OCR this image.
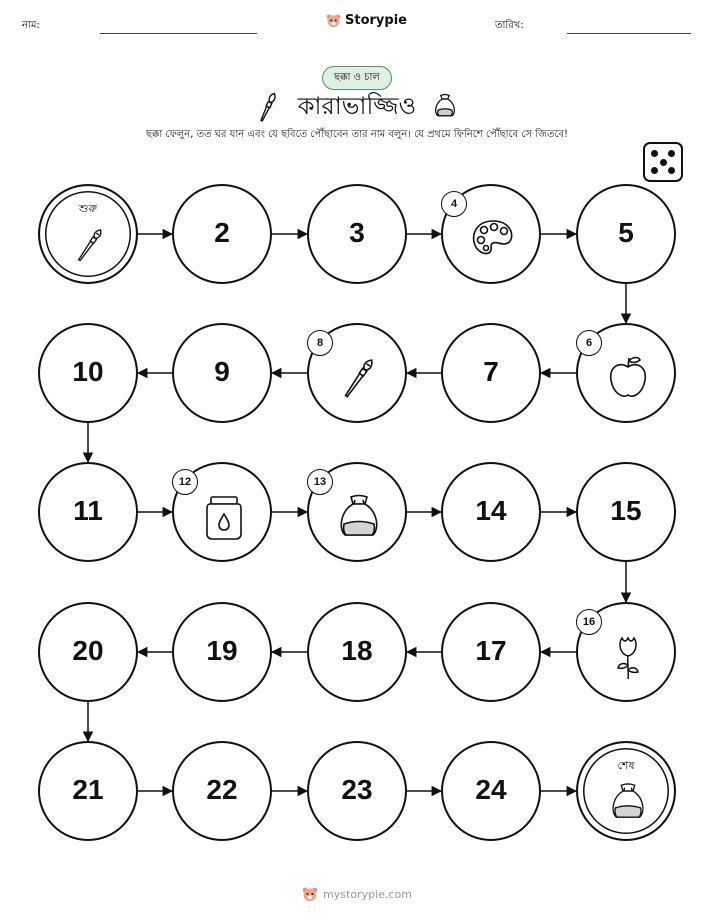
নাম:	Storypie	তারিখ:
ছক্কা ও চাল
কারাভাজ্জিও
ছক্কা ফেলুন, তত ঘর যান এবং যে ছবিতে পৌঁছাবেন তার নাম বলুন। যে প্রথমে ফিনিশে পৌঁছাবে সে জিতবে!
শুরু
2	3
4
5
6
7
8
9
10
11
12	13
14	15
16
17
18
19
20
21	22	23	24
শেষ
mystorypie.com
